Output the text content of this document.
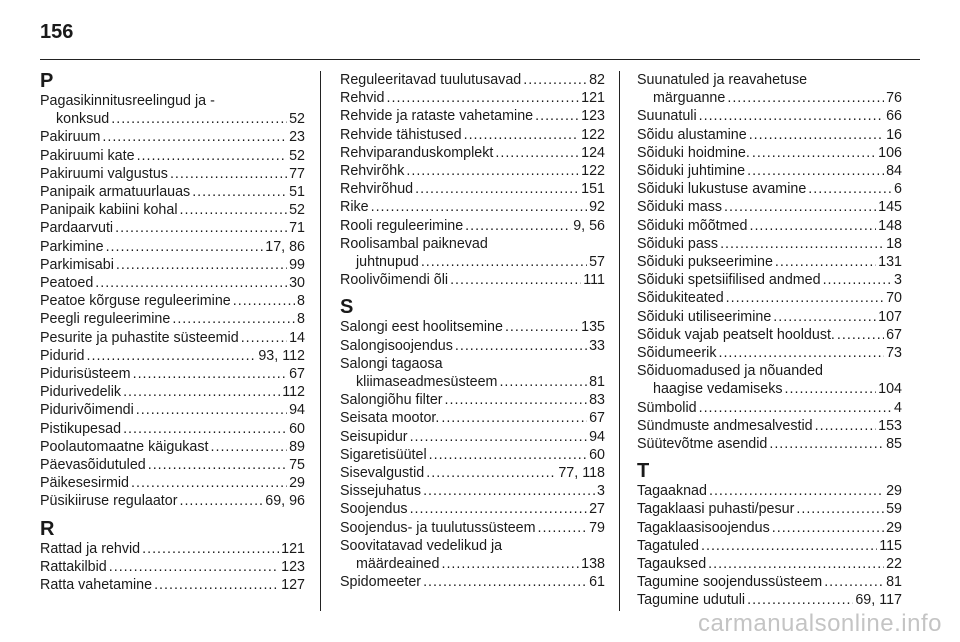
156
P
Pagasikinnitusreelingud ja -
konksud .....	52
Pakiruum .....	23
Pakiruumi kate .....	52
Pakiruumi valgustus .....	77
Panipaik armatuurlauas .....	51
Panipaik kabiini kohal .....	52
Pardaarvuti .....	71
Parkimine .....	17, 86
Parkimisabi .....	99
Peatoed .....	30
Peatoe kõrguse reguleerimine .....	8
Peegli reguleerimine .....	8
Pesurite ja puhastite süsteemid .....	14
Pidurid .....	93, 112
Pidurisüsteem .....	67
Pidurivedelik .....	112
Pidurivõimendi .....	94
Pistikupesad .....	60
Poolautomaatne käigukast .....	89
Päevasõidutuled .....	75
Päikesesirmid .....	29
Püsikiiruse regulaator .....	69, 96
R
Rattad ja rehvid .....	121
Rattakilbid .....	123
Ratta vahetamine .....	127
Reguleeritavad tuulutusavad .....	82
Rehvid .....	121
Rehvide ja rataste vahetamine .....	123
Rehvide tähistused .....	122
Rehviparanduskomplekt .....	124
Rehvirõhk .....	122
Rehvirõhud .....	151
Rike .....	92
Rooli reguleerimine .....	9, 56
Roolisambal paiknevad
juhtnupud .....	57
Roolivõimendi õli .....	111
S
Salongi eest hoolitsemine .....	135
Salongisoojendus .....	33
Salongi tagaosa
kliimaseadmesüsteem .....	81
Salongiõhu filter .....	83
Seisata mootor. .....	67
Seisupidur .....	94
Sigaretisüütel .....	60
Sisevalgustid .....	77, 118
Sissejuhatus .....	3
Soojendus .....	27
Soojendus- ja tuulutussüsteem .....	79
Soovitatavad vedelikud ja
määrdeained .....	138
Spidomeeter .....	61
Suunatuled ja reavahetuse
märguanne .....	76
Suunatuli .....	66
Sõidu alustamine .....	16
Sõiduki hoidmine. .....	106
Sõiduki juhtimine .....	84
Sõiduki lukustuse avamine .....	6
Sõiduki mass .....	145
Sõiduki mõõtmed .....	148
Sõiduki pass .....	18
Sõiduki pukseerimine .....	131
Sõiduki spetsiifilised andmed .....	3
Sõidukiteated .....	70
Sõiduki utiliseerimine .....	107
Sõiduk vajab peatselt hooldust. .....	67
Sõidumeerik .....	73
Sõiduomadused ja nõuanded
haagise vedamiseks .....	104
Sümbolid .....	4
Sündmuste andmesalvestid .....	153
Süütevõtme asendid .....	85
T
Tagaaknad .....	29
Tagaklaasi puhasti/pesur .....	59
Tagaklaasisoojendus .....	29
Tagatuled .....	115
Tagauksed .....	22
Tagumine soojendussüsteem .....	81
Tagumine udutuli .....	69, 117
carmanualsonline.info
